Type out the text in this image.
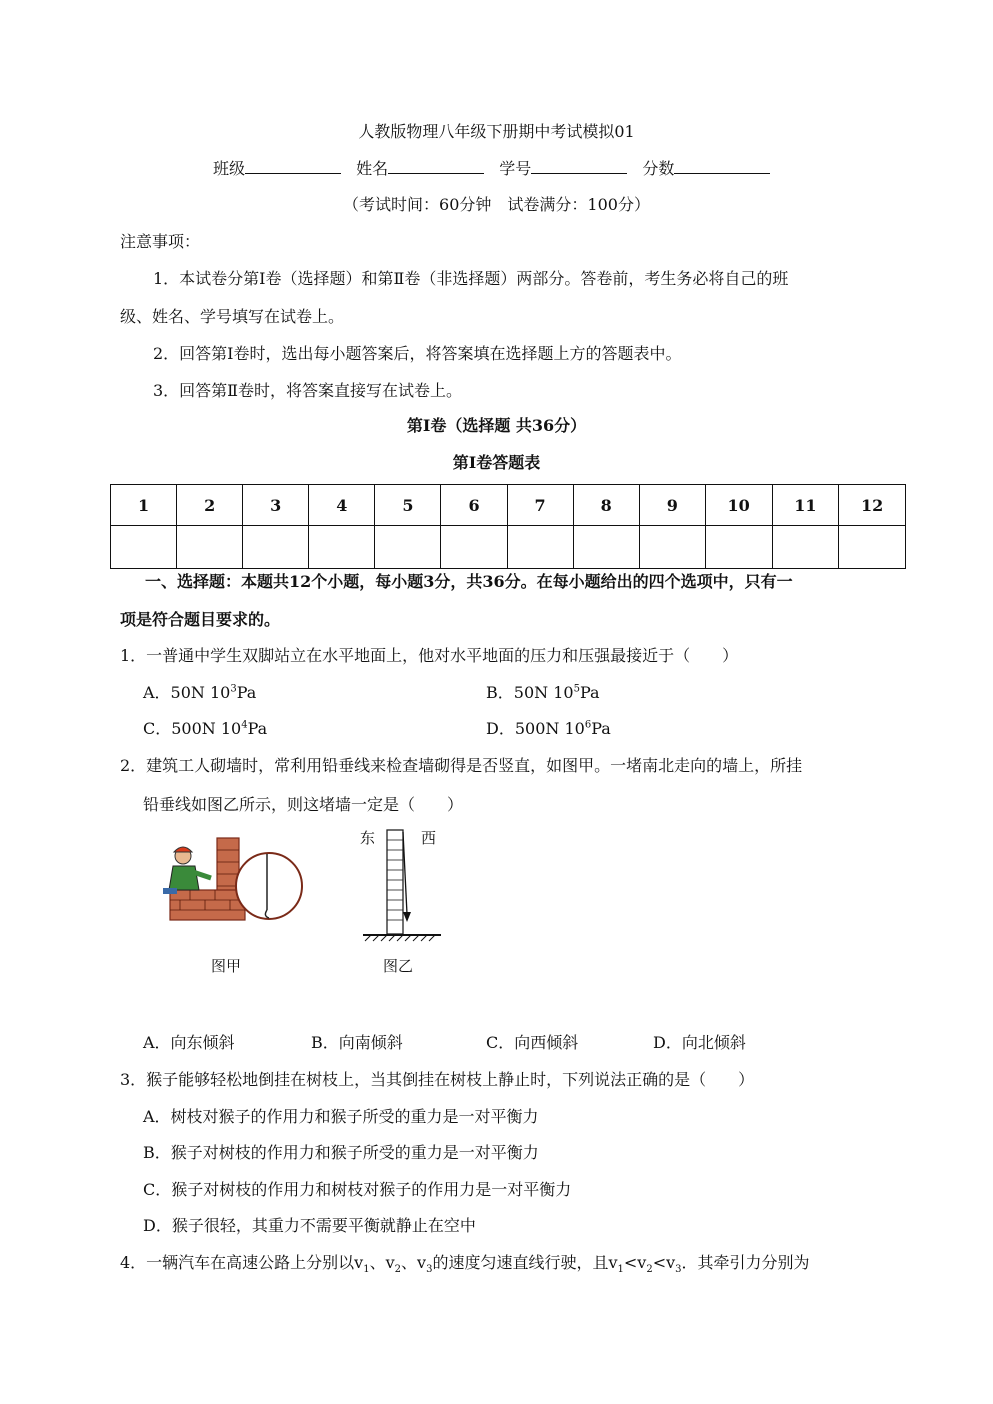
人教版物理八年级下册期中考试模拟01
班级	姓名	学号	分数
（考试时间：60分钟　试卷满分：100分）
注意事项：
1．本试卷分第Ⅰ卷（选择题）和第Ⅱ卷（非选择题）两部分。答卷前，考生务必将自己的班
级、姓名、学号填写在试卷上。
2．回答第Ⅰ卷时，选出每小题答案后，将答案填在选择题上方的答题表中。
3．回答第Ⅱ卷时，将答案直接写在试卷上。
第Ⅰ卷（选择题 共36分）
第Ⅰ卷答题表
1	2	3	4	5	6	7	8	9	10	11	12

一、选择题：本题共12个小题，每小题3分，共36分。在每小题给出的四个选项中，只有一
项是符合题目要求的。
1．一普通中学生双脚站立在水平地面上，他对水平地面的压力和压强最接近于（　　）
A．50N $10^3Pa$	B．50N $10^5Pa$
C．500N $10^4Pa$	D．500N $10^6Pa$
2．建筑工人砌墙时，常利用铅垂线来检查墙砌得是否竖直，如图甲。一堵南北走向的墙上，所挂
铅垂线如图乙所示，则这堵墙一定是（　　）
图甲
东	西
图乙
A．向东倾斜	B．向南倾斜	C．向西倾斜	D．向北倾斜
3．猴子能够轻松地倒挂在树枝上，当其倒挂在树枝上静止时，下列说法正确的是（　　）
A．树枝对猴子的作用力和猴子所受的重力是一对平衡力
B．猴子对树枝的作用力和猴子所受的重力是一对平衡力
C．猴子对树枝的作用力和树枝对猴子的作用力是一对平衡力
D．猴子很轻，其重力不需要平衡就静止在空中
4．一辆汽车在高速公路上分别以$v_1$、$v_2$、$v_3$的速度匀速直线行驶，且$v_1<v_2<v_3$．其牵引力分别为
